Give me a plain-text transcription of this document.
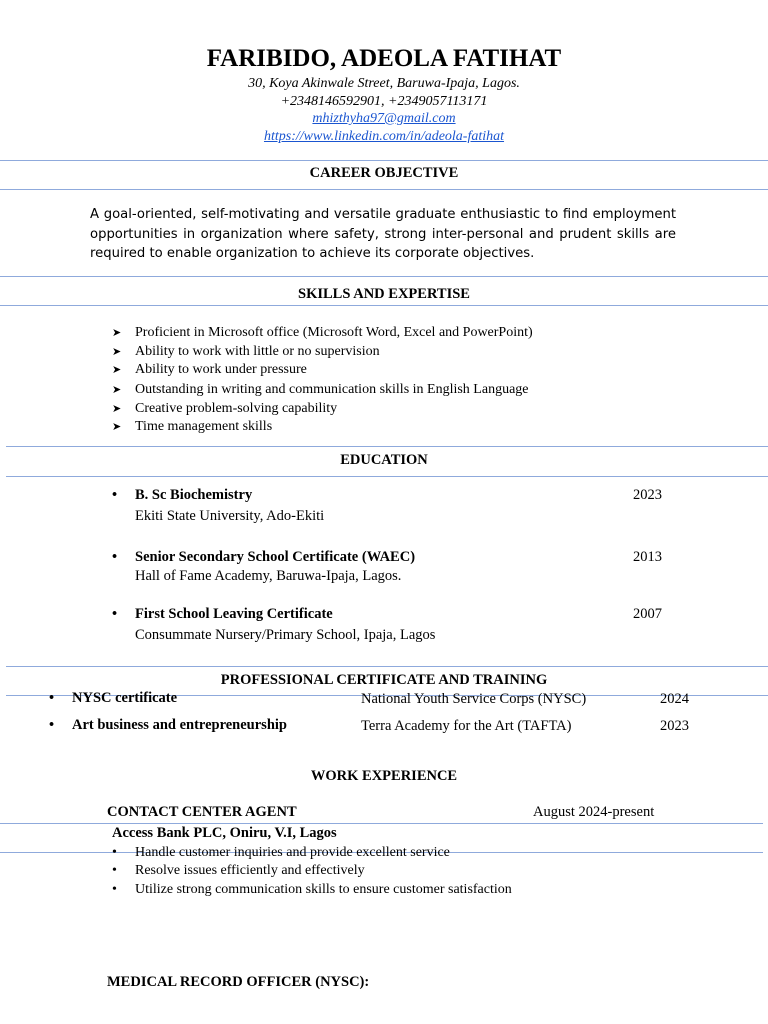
FARIBIDO, ADEOLA FATIHAT
30, Koya Akinwale Street, Baruwa-Ipaja, Lagos.
+2348146592901, +2349057113171
mhizthyha97@gmail.com
https://www.linkedin.com/in/adeola-fatihat
CAREER OBJECTIVE
A goal-oriented, self-motivating and versatile graduate enthusiastic to find employment opportunities in organization where safety, strong inter-personal and prudent skills are required to enable organization to achieve its corporate objectives.
SKILLS AND EXPERTISE
➤ Proficient in Microsoft office (Microsoft Word, Excel and PowerPoint)
➤ Ability to work with little or no supervision
➤ Ability to work under pressure
➤ Outstanding in writing and communication skills in English Language
➤ Creative problem-solving capability
➤ Time management skills
EDUCATION
• B. Sc Biochemistry	2023
Ekiti State University, Ado-Ekiti
• Senior Secondary School Certificate (WAEC)	2013
Hall of Fame Academy, Baruwa-Ipaja, Lagos.
• First School Leaving Certificate	2007
Consummate Nursery/Primary School, Ipaja, Lagos
PROFESSIONAL CERTIFICATE AND TRAINING
• NYSC certificate	National Youth Service Corps (NYSC)	2024
• Art business and entrepreneurship	Terra Academy for the Art (TAFTA)	2023
WORK EXPERIENCE
CONTACT CENTER AGENT	August 2024-present
Access Bank PLC, Oniru, V.I, Lagos
• Handle customer inquiries and provide excellent service
• Resolve issues efficiently and effectively
• Utilize strong communication skills to ensure customer satisfaction
MEDICAL RECORD OFFICER (NYSC):
